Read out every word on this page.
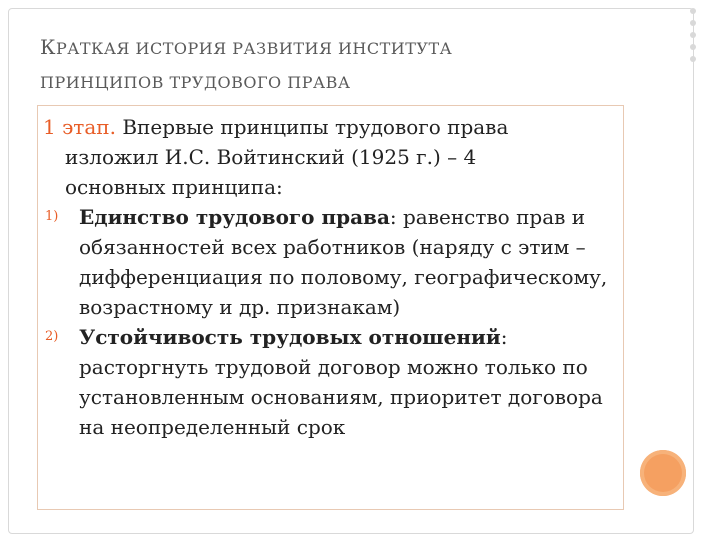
КРАТКАЯ ИСТОРИЯ РАЗВИТИЯ ИНСТИТУТА
ПРИНЦИПОВ ТРУДОВОГО ПРАВА

1 этап. Впервые принципы трудового права

изложил И.С. Войтинский (1925 г.) – 4
основных принципа:

1) Единство трудового права: равенство прав и обязанностей всех работников (наряду с этим – дифференциация по половому, географическому, возрастному и др. признакам)

2) Устойчивость трудовых отношений: расторгнуть трудовой договор можно только по установленным основаниям, приоритет договора на неопределенный срок
